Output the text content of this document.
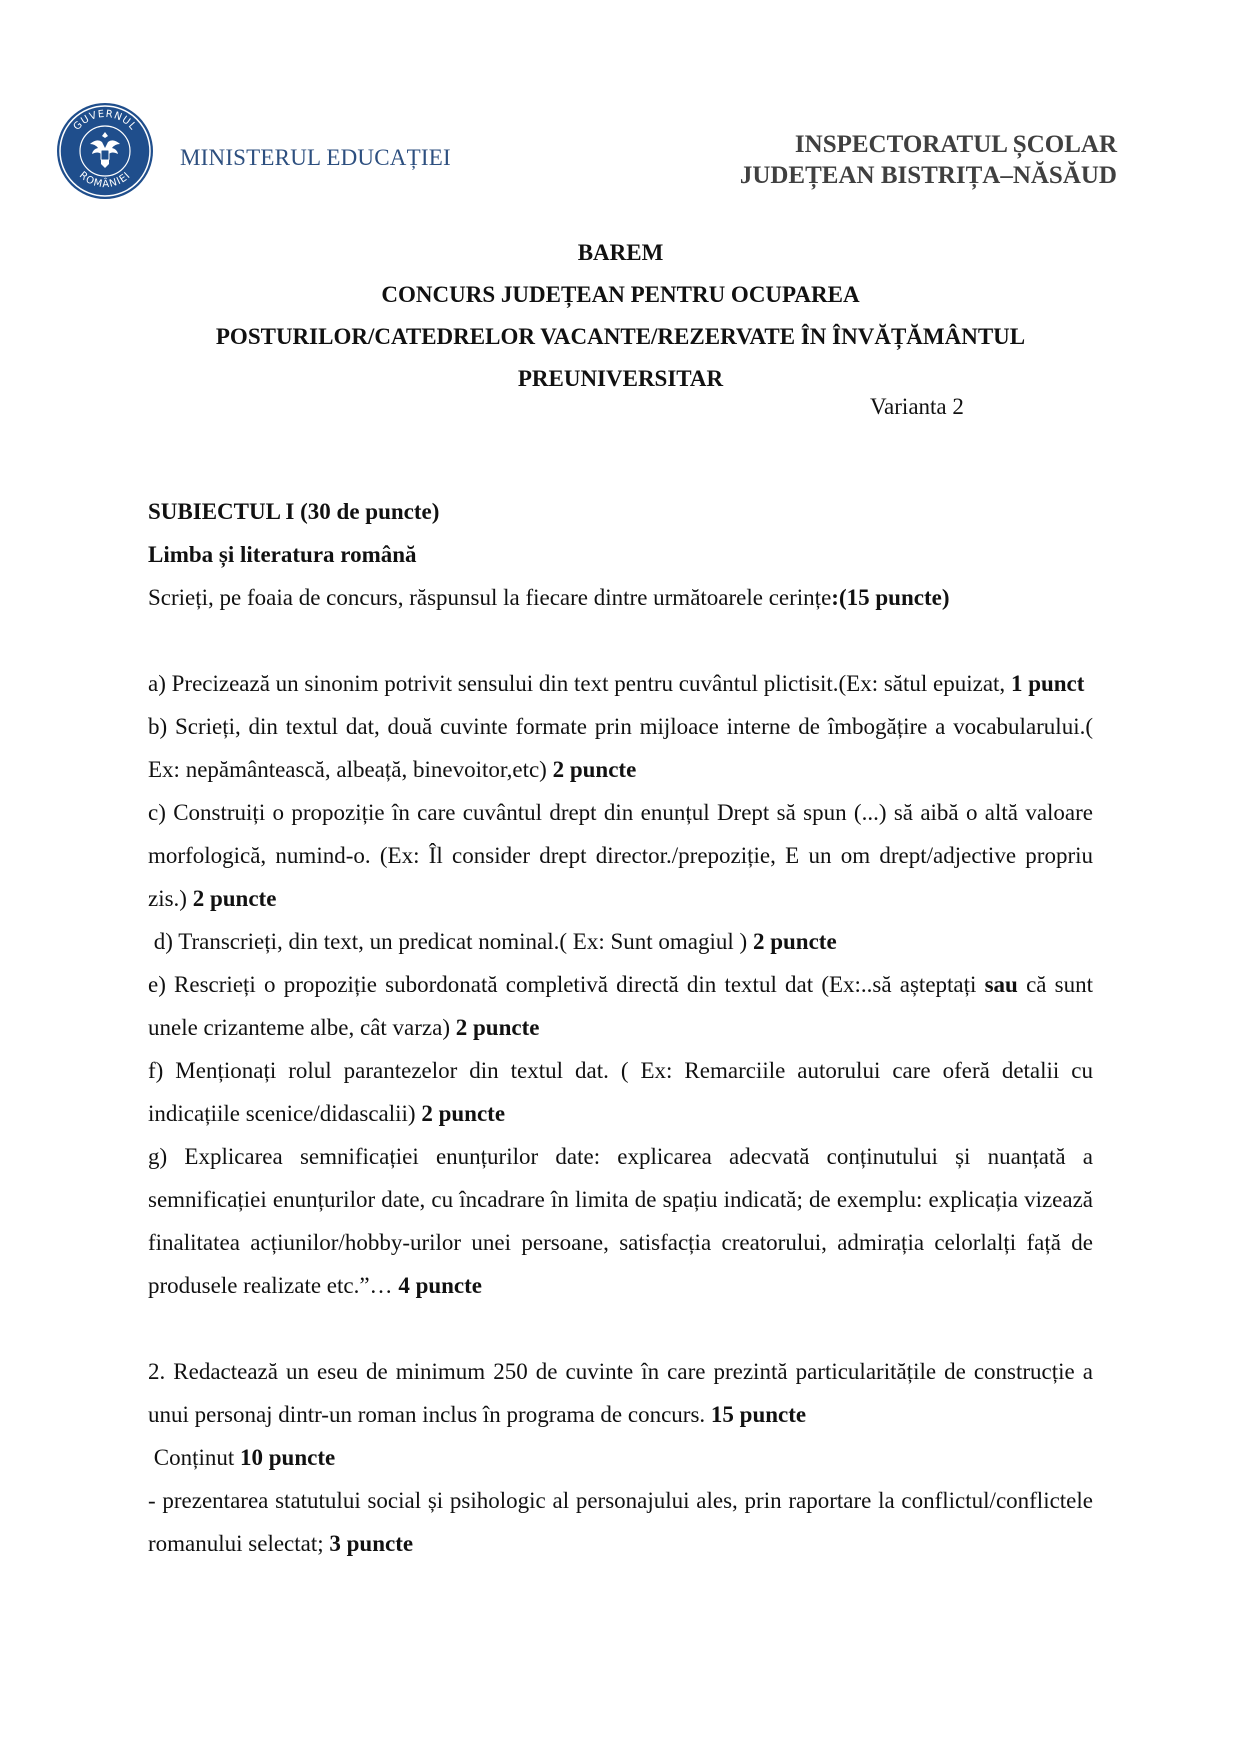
GUVERNUL
ROMÂNIEI
MINISTERUL EDUCAȚIEI	INSPECTORATUL ȘCOLAR
JUDEȚEAN BISTRIȚA–NĂSĂUD
BAREM
CONCURS JUDEȚEAN PENTRU OCUPAREA
POSTURILOR/CATEDRELOR VACANTE/REZERVATE ÎN ÎNVĂȚĂMÂNTUL
PREUNIVERSITAR
Varianta 2
SUBIECTUL I (30 de puncte)
Limba și literatura română
Scrieți, pe foaia de concurs, răspunsul la fiecare dintre următoarele cerințe:(15 puncte)
a) Precizează un sinonim potrivit sensului din text pentru cuvântul plictisit.(Ex: sătul epuizat, 1 punct
b) Scrieți, din textul dat, două cuvinte formate prin mijloace interne de îmbogățire a vocabularului.( Ex: nepământească, albeață, binevoitor,etc) 2 puncte
c) Construiți o propoziție în care cuvântul drept din enunțul Drept să spun (...) să aibă o altă valoare morfologică, numind-o. (Ex: Îl consider drept director./prepoziție, E un om drept/adjective propriu zis.) 2 puncte
d) Transcrieți, din text, un predicat nominal.( Ex: Sunt omagiul ) 2 puncte
e) Rescrieți o propoziție subordonată completivă directă din textul dat (Ex:..să așteptați sau că sunt unele crizanteme albe, cât varza) 2 puncte
f) Menționați rolul parantezelor din textul dat. ( Ex: Remarciile autorului care oferă detalii cu indicațiile scenice/didascalii) 2 puncte
g) Explicarea semnificației enunțurilor date: explicarea adecvată conținutului și nuanțată a semnificației enunțurilor date, cu încadrare în limita de spațiu indicată; de exemplu: explicația vizează finalitatea acțiunilor/hobby-urilor unei persoane, satisfacția creatorului, admirația celorlalți față de produsele realizate etc.”… 4 puncte
2. Redactează un eseu de minimum 250 de cuvinte în care prezintă particularitățile de construcție a unui personaj dintr-un roman inclus în programa de concurs. 15 puncte
Conținut 10 puncte
- prezentarea statutului social și psihologic al personajului ales, prin raportare la conflictul/conflictele romanului selectat; 3 puncte
